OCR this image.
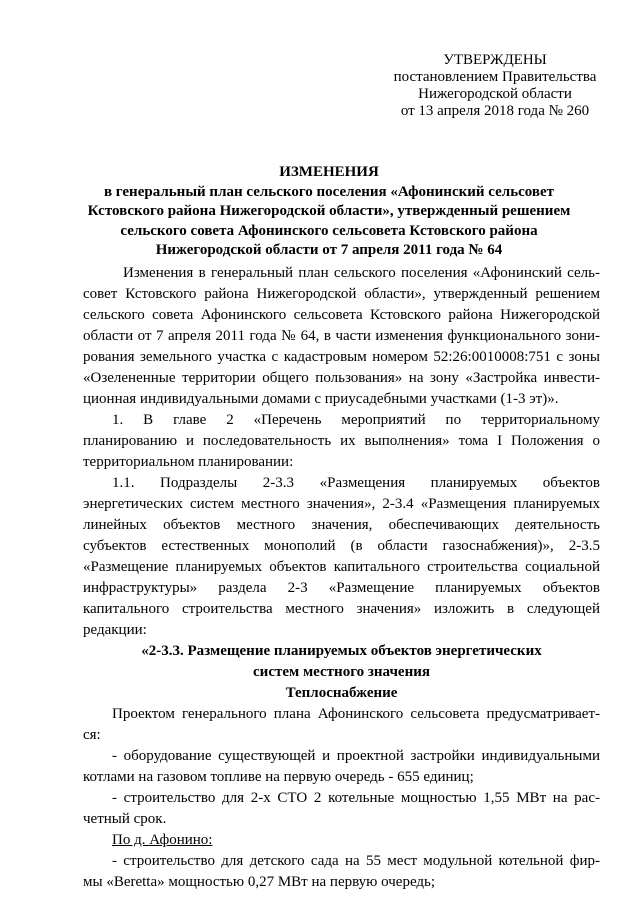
УТВЕРЖДЕНЫ
постановлением Правительства
Нижегородской области
от 13 апреля 2018 года № 260
ИЗМЕНЕНИЯ
в генеральный план сельского поселения «Афонинский сельсовет
Кстовского района Нижегородской области», утвержденный решением
сельского совета Афонинского сельсовета Кстовского района
Нижегородской области от 7 апреля 2011 года № 64
Изменения в генеральный план сельского поселения «Афонинский сель-
совет Кстовского района Нижегородской области», утвержденный решением
сельского совета Афонинского сельсовета Кстовского района Нижегородской
области от 7 апреля 2011 года № 64, в части изменения функционального зони-
рования земельного участка с кадастровым номером 52:26:0010008:751 с зоны
«Озелененные территории общего пользования» на зону «Застройка инвести-
ционная индивидуальными домами с приусадебными участками (1-3 эт)».
1. В главе 2 «Перечень мероприятий по территориальному
планированию и последовательность их выполнения» тома I Положения о
территориальном планировании:
1.1. Подразделы 2-3.3 «Размещения планируемых объектов
энергетических систем местного значения», 2-3.4 «Размещения планируемых
линейных объектов местного значения, обеспечивающих деятельность
субъектов естественных монополий (в области газоснабжения)», 2-3.5
«Размещение планируемых объектов капитального строительства социальной
инфраструктуры» раздела 2-3 «Размещение планируемых объектов
капитального строительства местного значения» изложить в следующей
редакции:
«2-3.3. Размещение планируемых объектов энергетических
систем местного значения
Теплоснабжение
Проектом генерального плана Афонинского сельсовета предусматривает-
ся:
- оборудование существующей и проектной застройки индивидуальными
котлами на газовом топливе на первую очередь - 655 единиц;
- строительство для 2-х СТО 2 котельные мощностью 1,55 МВт на рас-
четный срок.
По д. Афонино:
- строительство для детского сада на 55 мест модульной котельной фир-
мы «Beretta» мощностью 0,27 МВт на первую очередь;
